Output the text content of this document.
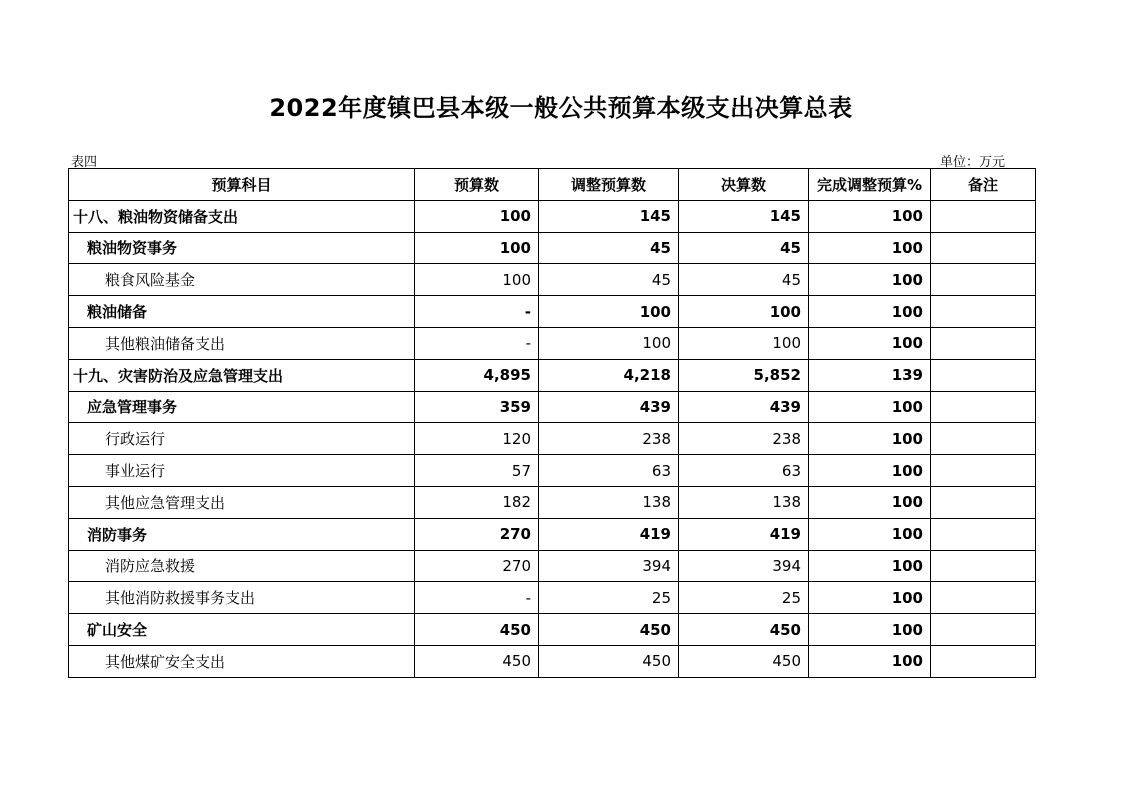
2022年度镇巴县本级一般公共预算本级支出决算总表
表四	单位：万元
预算科目	预算数	调整预算数	决算数	完成调整预算%	备注
十八、粮油物资储备支出	100	145	145	100	
粮油物资事务	100	45	45	100	
粮食风险基金	100	45	45	100	
粮油储备	-	100	100	100	
其他粮油储备支出	-	100	100	100	
十九、灾害防治及应急管理支出	4,895	4,218	5,852	139	
应急管理事务	359	439	439	100	
行政运行	120	238	238	100	
事业运行	57	63	63	100	
其他应急管理支出	182	138	138	100	
消防事务	270	419	419	100	
消防应急救援	270	394	394	100	
其他消防救援事务支出	-	25	25	100	
矿山安全	450	450	450	100	
其他煤矿安全支出	450	450	450	100	
